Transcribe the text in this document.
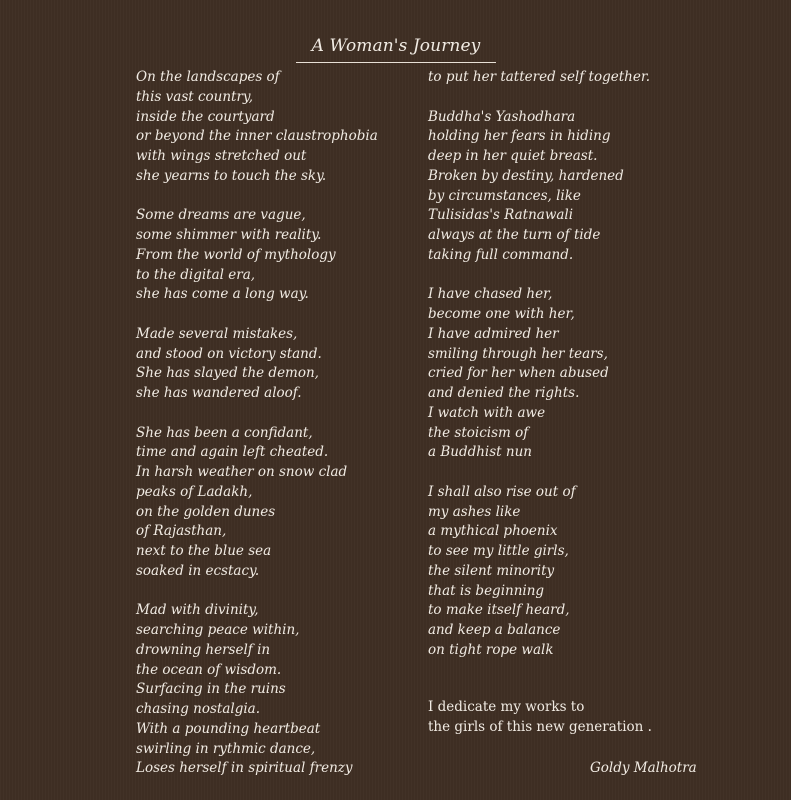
A Woman's Journey
On the landscapes of
this vast country,
inside the courtyard
or beyond the inner claustrophobia
with wings stretched out
she yearns to touch the sky.
Some dreams are vague,
some shimmer with reality.
From the world of mythology
to the digital era,
she has come a long way.
Made several mistakes,
and stood on victory stand.
She has slayed the demon,
she has wandered aloof.
She has been a confidant,
time and again left cheated.
In harsh weather on snow clad
peaks of Ladakh,
on the golden dunes
of Rajasthan,
next to the blue sea
soaked in ecstacy.
Mad with divinity,
searching peace within,
drowning herself in
the ocean of wisdom.
Surfacing in the ruins
chasing nostalgia.
With a pounding heartbeat
swirling in rythmic dance,
Loses herself in spiritual frenzy
to put her tattered self together.
Buddha's Yashodhara
holding her fears in hiding
deep in her quiet breast.
Broken by destiny, hardened
by circumstances, like
Tulisidas's Ratnawali
always at the turn of tide
taking full command.
I have chased her,
become one with her,
I have admired her
smiling through her tears,
cried for her when abused
and denied the rights.
I watch with awe
the stoicism of
a Buddhist nun
I shall also rise out of
my ashes like
a mythical phoenix
to see my little girls,
the silent minority
that is beginning
to make itself heard,
and keep a balance
on tight rope walk
I dedicate my works to
the girls of this new generation .
Goldy Malhotra
